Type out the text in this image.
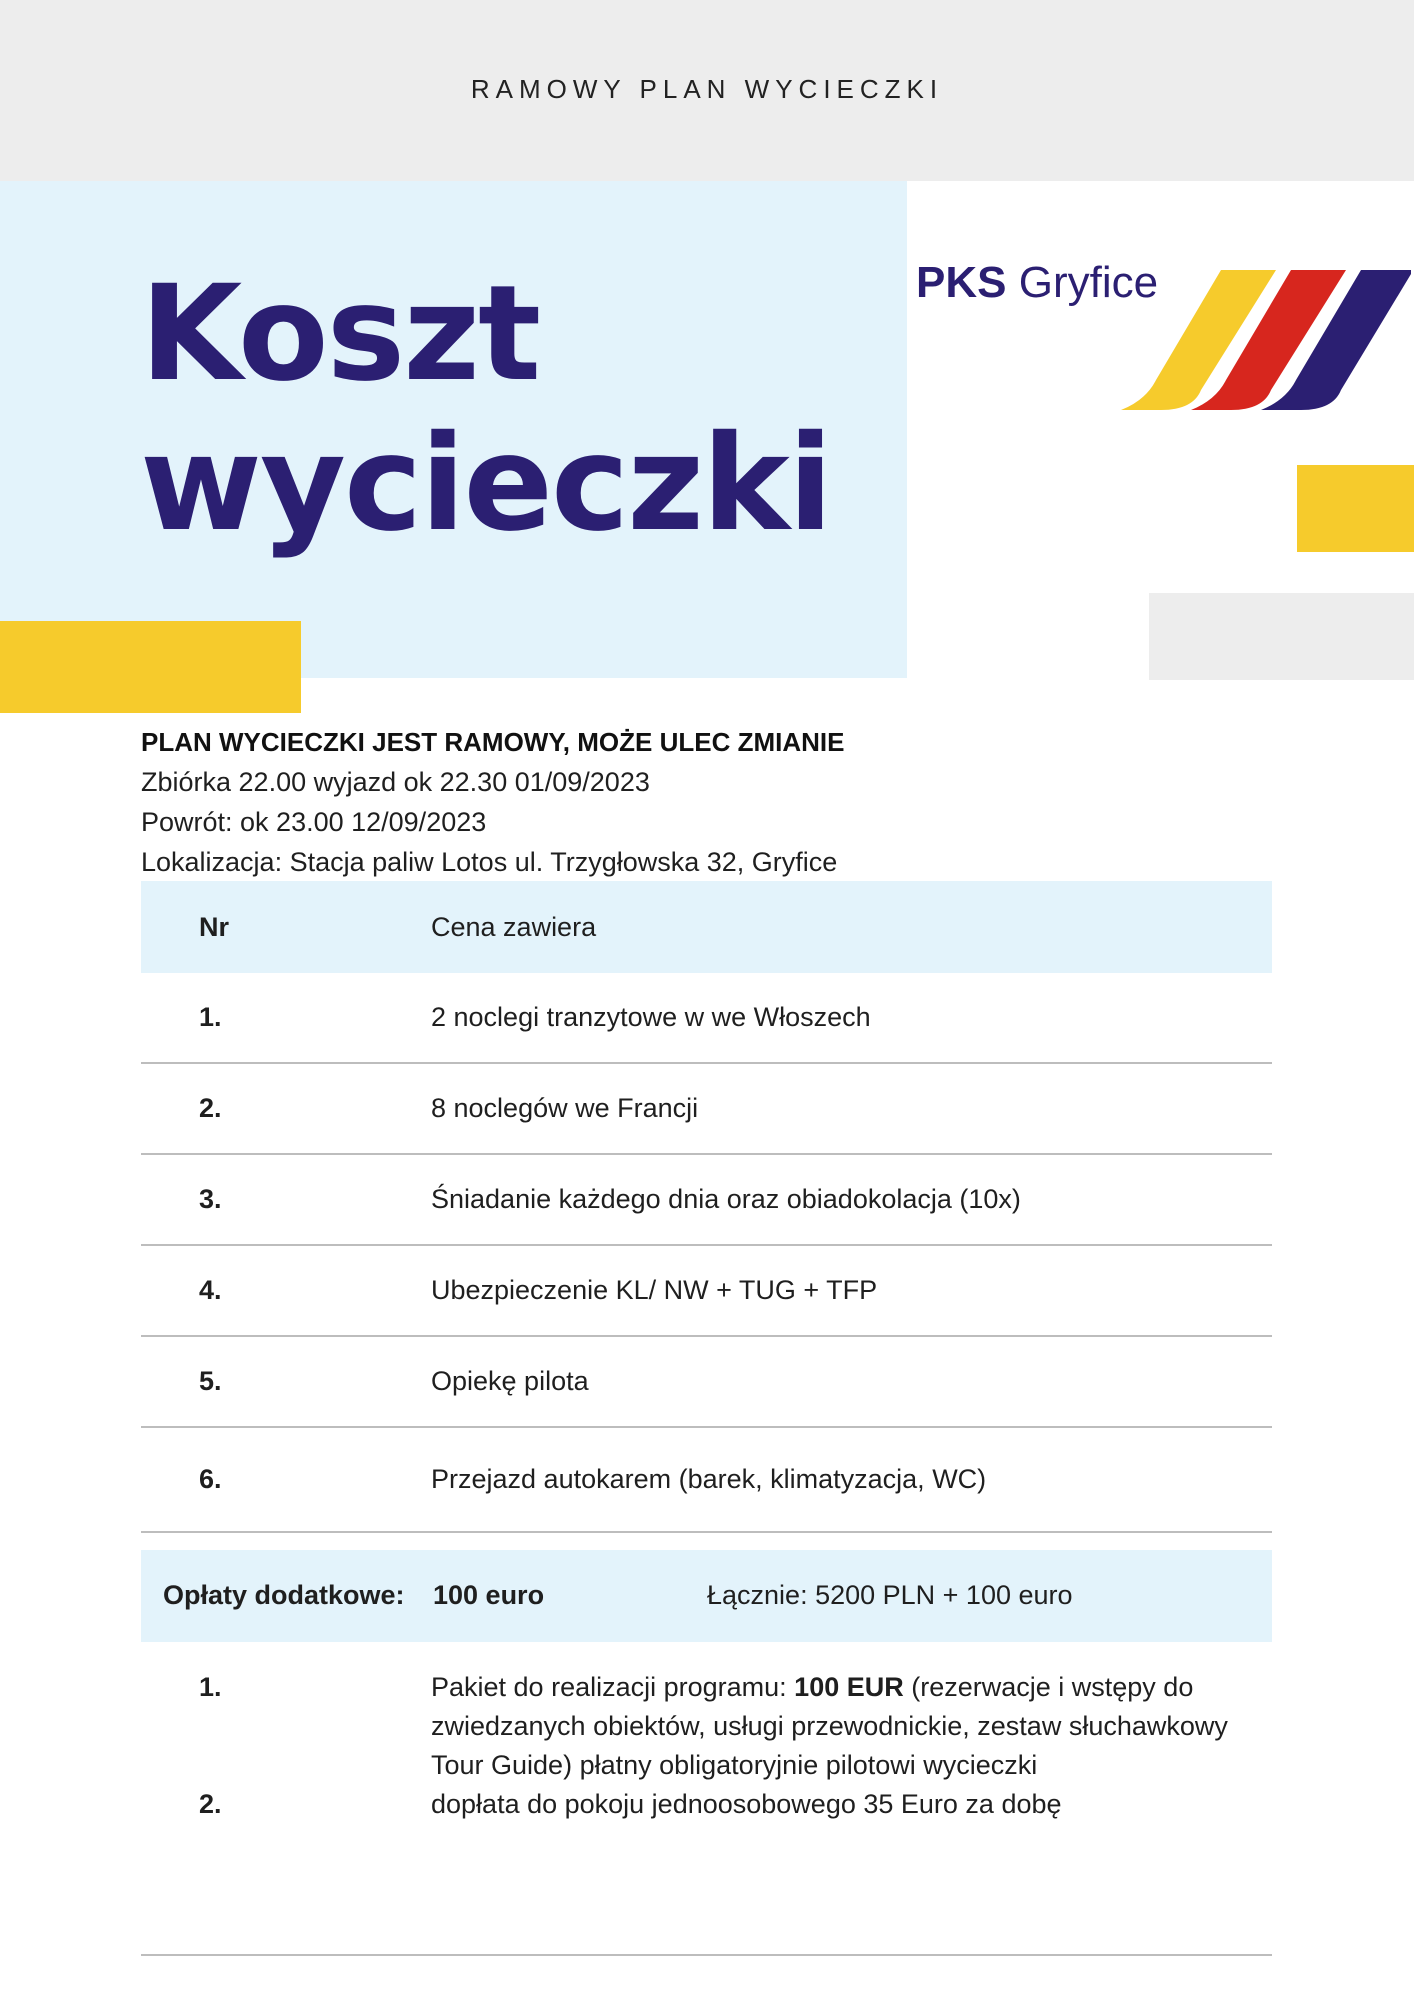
RAMOWY PLAN WYCIECZKI
Koszt
wycieczki
PKS Gryfice
PLAN WYCIECZKI JEST RAMOWY, MOŻE ULEC ZMIANIE
Zbiórka 22.00 wyjazd ok 22.30 01/09/2023
Powrót: ok 23.00 12/09/2023
Lokalizacja: Stacja paliw Lotos ul. Trzygłowska 32, Gryfice
Nr	Cena zawiera
1.	2 noclegi tranzytowe w we Włoszech
2.	8 noclegów we Francji
3.	Śniadanie każdego dnia oraz obiadokolacja (10x)
4.	Ubezpieczenie KL/ NW + TUG + TFP
5.	Opiekę pilota
6.	Przejazd autokarem (barek, klimatyzacja, WC)
Opłaty dodatkowe: 100 euro	Łącznie: 5200 PLN + 100 euro
1.	Pakiet do realizacji programu: 100 EUR (rezerwacje i wstępy do zwiedzanych obiektów, usługi przewodnickie, zestaw słuchawkowy Tour Guide) płatny obligatoryjnie pilotowi wycieczki
2.	dopłata do pokoju jednoosobowego 35 Euro za dobę
